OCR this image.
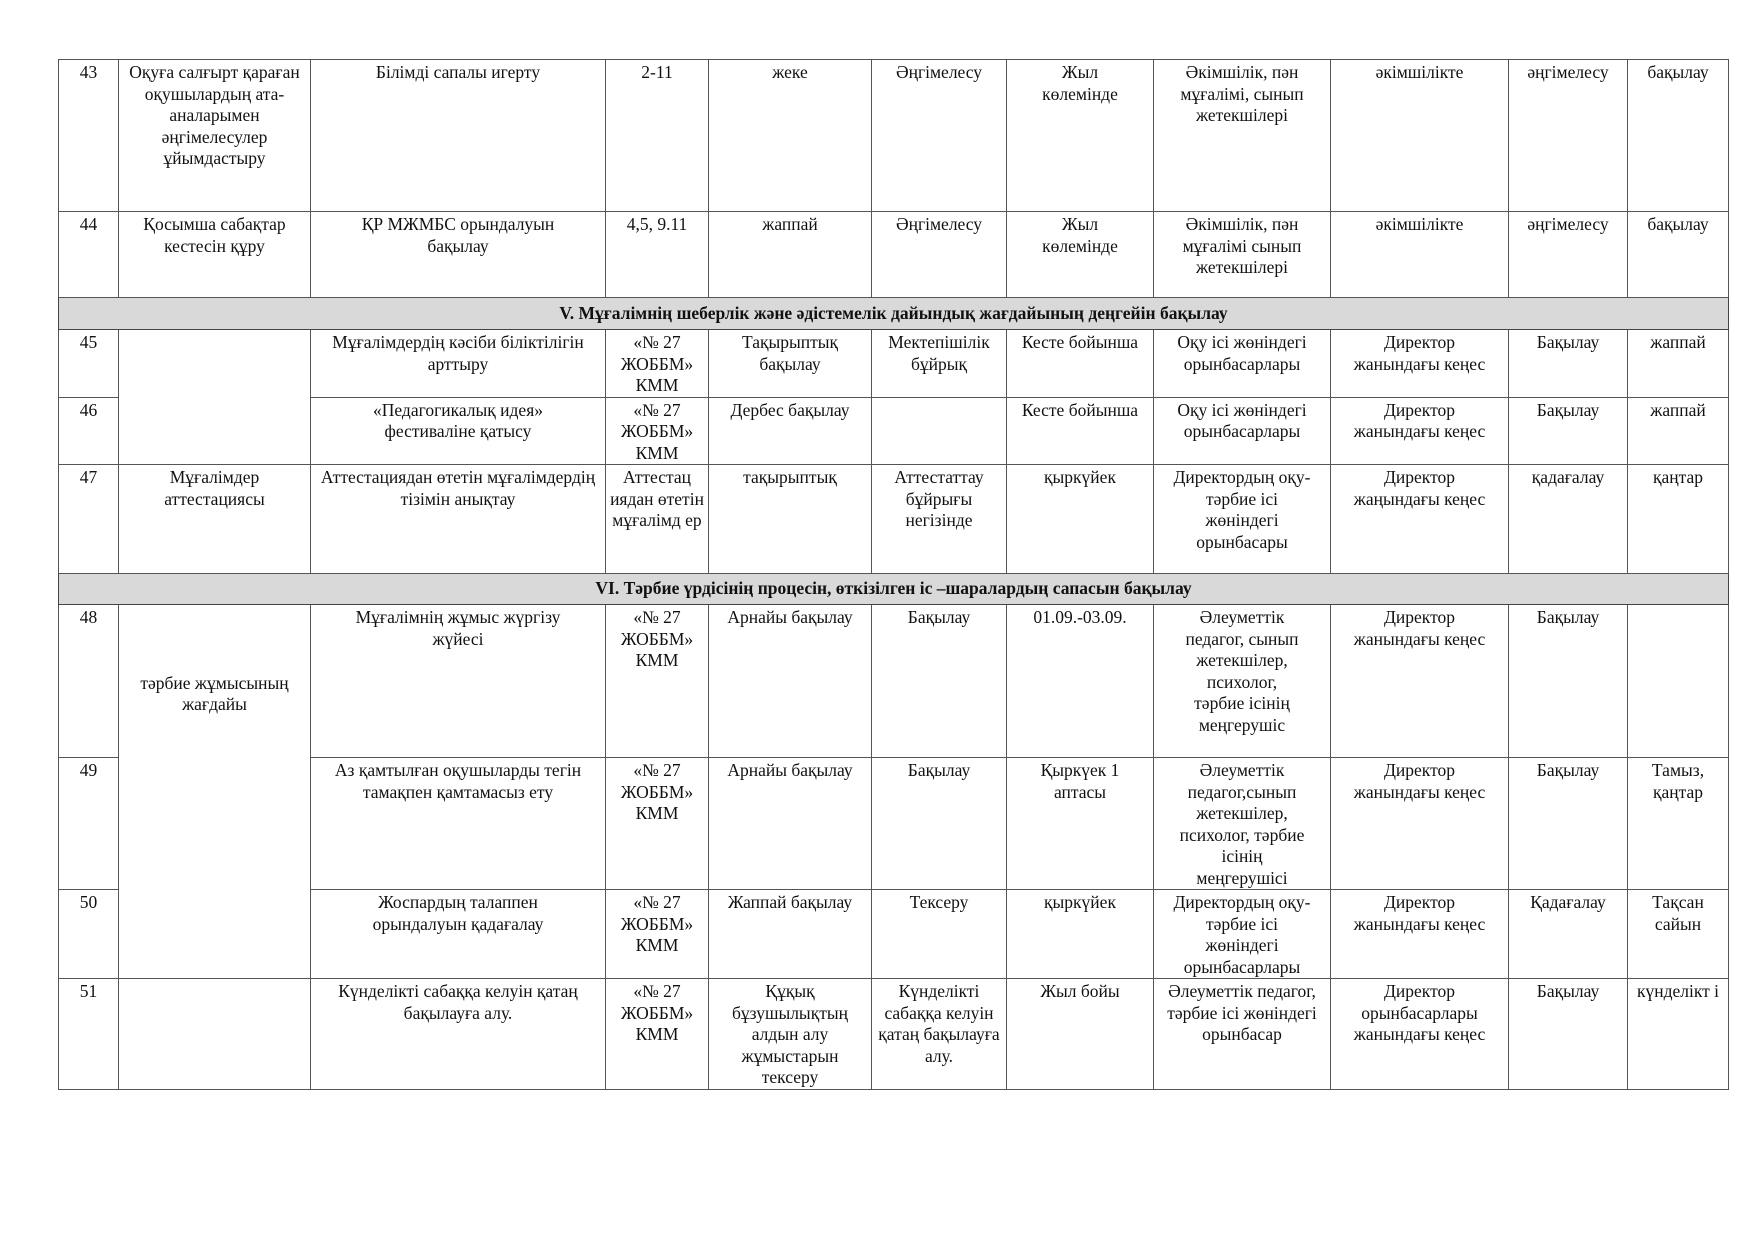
43	Оқуға салғырт қараған оқушылардың ата-аналарымен әңгімелесулер ұйымдастыру	Білімді сапалы игерту	2-11	жеке	Әңгімелесу	Жыл көлемінде	Әкімшілік, пән мұғалімі, сынып жетекшілері	әкімшілікте	әңгімелесу	бақылау
44	Қосымша сабақтар кестесін құру	ҚР МЖМБС орындалуын бақылау	4,5, 9.11	жаппай	Әңгімелесу	Жыл көлемінде	Әкімшілік, пән мұғалімі сынып жетекшілері	әкімшілікте	әңгімелесу	бақылау

V. Мұғалімнің шеберлік және әдістемелік дайындық жағдайының деңгейін бақылау										

45		Мұғалімдердің кәсіби біліктілігін арттыру	«№ 27 ЖОББМ» КММ	Тақырыптық бақылау	Мектепішілік бұйрық	Кесте бойынша	Оқу ісі жөніндегі орынбасарлары	Директор жанындағы кеңес	Бақылау	жаппай
46		«Педагогикалық идея» фестиваліне қатысу	«№ 27 ЖОББМ» КММ	Дербес бақылау		Кесте бойынша	Оқу ісі жөніндегі орынбасарлары	Директор жанындағы кеңес	Бақылау	жаппай
47	Мұғалімдер аттестациясы	Аттестациядан өтетін мұғалімдердің тізімін анықтау	Аттестац иядан өтетін мұғалімд ер	тақырыптық	Аттестаттау бұйрығы негізінде	қыркүйек	Директордың оқу-тәрбие ісі жөніндегі орынбасары	Директор жаңындағы кеңес	қадағалау	қаңтар

VI. Тәрбие үрдісінің процесін, өткізілген іс –шаралардың сапасын бақылау										

48	тәрбие жұмысының жағдайы	Мұғалімнің жұмыс жүргізу жүйесі	«№ 27 ЖОББМ» КММ	Арнайы бақылау	Бақылау	01.09.-03.09.	Әлеуметтік педагог, сынып жетекшілер, психолог, тәрбие ісінің меңгерушіс	Директор жанындағы кеңес	Бақылау	
49		Аз қамтылған оқушыларды тегін тамақпен қамтамасыз ету	«№ 27 ЖОББМ» КММ	Арнайы бақылау	Бақылау	Қыркүек 1 аптасы	Әлеуметтік педагог,сынып жетекшілер, психолог, тәрбие ісінің меңгерушісі	Директор жанындағы кеңес	Бақылау	Тамыз, қаңтар
50		Жоспардың талаппен орындалуын қадағалау	«№ 27 ЖОББМ» КММ	Жаппай бақылау	Тексеру	қыркүйек	Директордың оқу-тәрбие ісі жөніндегі орынбасарлары	Директор жанындағы кеңес	Қадағалау	Тақсан сайын
51		Күнделікті сабаққа келуін қатаң бақылауға алу.	«№ 27 ЖОББМ» КММ	Құқық бұзушылықтың алдын алу жұмыстарын тексеру	Күнделікті сабаққа келуін қатаң бақылауға алу.	Жыл бойы	Әлеуметтік педагог, тәрбие ісі жөніндегі орынбасар	Директор орынбасарлары жанындағы кеңес	Бақылау	күнделікт і
